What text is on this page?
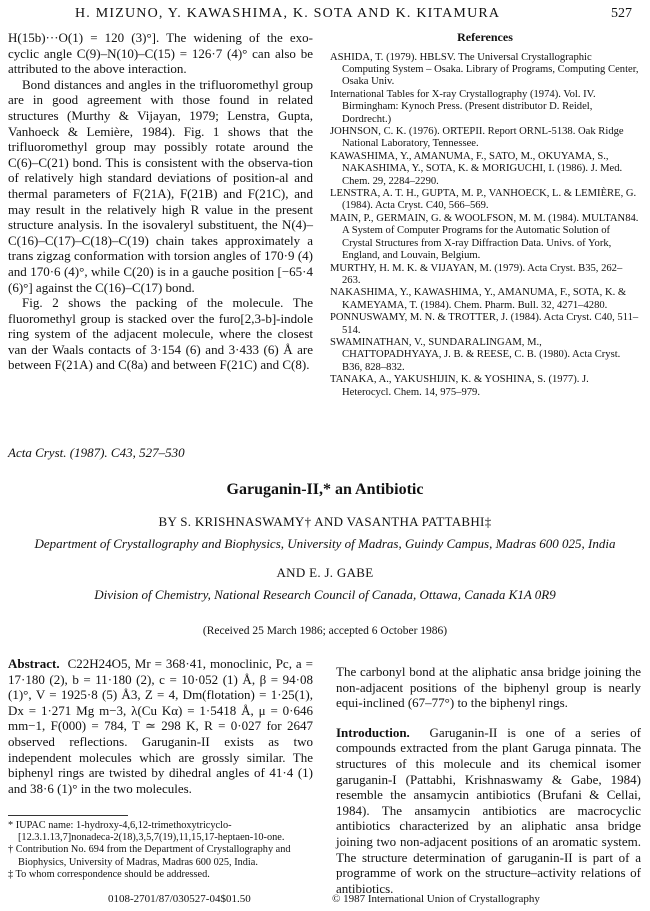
H. MIZUNO, Y. KAWASHIMA, K. SOTA AND K. KITAMURA	527

H(15b)···O(1) = 120 (3)°]. The widening of the exo-cyclic angle C(9)–N(10)–C(15) = 126·7 (4)° can also be attributed to the above interaction.

Bond distances and angles in the trifluoromethyl group are in good agreement with those found in related structures (Murthy & Vijayan, 1979; Lenstra, Gupta, Vanhoeck & Lemière, 1984). Fig. 1 shows that the trifluoromethyl group may possibly rotate around the C(6)–C(21) bond. This is consistent with the observa-tion of relatively high standard deviations of position-al and thermal parameters of F(21A), F(21B) and F(21C), and may result in the relatively high R value in the present structure analysis. In the isovaleryl substituent, the N(4)–C(16)–C(17)–C(18)–C(19) chain takes approximately a trans zigzag conformation with torsion angles of 170·9 (4) and 170·6 (4)°, while C(20) is in a gauche position [−65·4 (6)°] against the C(16)–C(17) bond.

Fig. 2 shows the packing of the molecule. The fluoromethyl group is stacked over the furo[2,3-b]-indole ring system of the adjacent molecule, where the closest van der Waals contacts of 3·154 (6) and 3·433 (6) Å are between F(21A) and C(8a) and between F(21C) and C(8).

References

ASHIDA, T. (1979). HBLSV. The Universal Crystallographic Computing System – Osaka. Library of Programs, Computing Center, Osaka Univ.

International Tables for X-ray Crystallography (1974). Vol. IV. Birmingham: Kynoch Press. (Present distributor D. Reidel, Dordrecht.)

JOHNSON, C. K. (1976). ORTEPII. Report ORNL-5138. Oak Ridge National Laboratory, Tennessee.

KAWASHIMA, Y., AMANUMA, F., SATO, M., OKUYAMA, S., NAKASHIMA, Y., SOTA, K. & MORIGUCHI, I. (1986). J. Med. Chem. 29, 2284–2290.

LENSTRA, A. T. H., GUPTA, M. P., VANHOECK, L. & LEMIÈRE, G. (1984). Acta Cryst. C40, 566–569.

MAIN, P., GERMAIN, G. & WOOLFSON, M. M. (1984). MULTAN84. A System of Computer Programs for the Automatic Solution of Crystal Structures from X-ray Diffraction Data. Univs. of York, England, and Louvain, Belgium.

MURTHY, H. M. K. & VIJAYAN, M. (1979). Acta Cryst. B35, 262–263.

NAKASHIMA, Y., KAWASHIMA, Y., AMANUMA, F., SOTA, K. & KAMEYAMA, T. (1984). Chem. Pharm. Bull. 32, 4271–4280.

PONNUSWAMY, M. N. & TROTTER, J. (1984). Acta Cryst. C40, 511–514.

SWAMINATHAN, V., SUNDARALINGAM, M., CHATTOPADHYAYA, J. B. & REESE, C. B. (1980). Acta Cryst. B36, 828–832.

TANAKA, A., YAKUSHIJIN, K. & YOSHINA, S. (1977). J. Heterocycl. Chem. 14, 975–979.

Acta Cryst. (1987). C43, 527–530
Garuganin-II,* an Antibiotic
BY S. KRISHNASWAMY† AND VASANTHA PATTABHI‡
Department of Crystallography and Biophysics, University of Madras, Guindy Campus, Madras 600 025, India
AND E. J. GABE
Division of Chemistry, National Research Council of Canada, Ottawa, Canada K1A 0R9
(Received 25 March 1986; accepted 6 October 1986)

Abstract. C22H24O5, Mr = 368·41, monoclinic, Pc, a = 17·180 (2), b = 11·180 (2), c = 10·052 (1) Å, β = 94·08 (1)°, V = 1925·8 (5) Å3, Z = 4, Dm(flotation) = 1·25(1), Dx = 1·271 Mg m−3, λ(Cu Kα) = 1·5418 Å, μ = 0·646 mm−1, F(000) = 784, T ≃ 298 K, R = 0·027 for 2647 observed reflections. Garuganin-II exists as two independent molecules which are grossly similar. The biphenyl rings are twisted by dihedral angles of 41·4 (1) and 38·6 (1)° in the two molecules.

* IUPAC name: 1-hydroxy-4,6,12-trimethoxytricyclo-[12.3.1.13,7]nonadeca-2(18),3,5,7(19),11,15,17-heptaen-10-one.

† Contribution No. 694 from the Department of Crystallography and Biophysics, University of Madras, Madras 600 025, India.

‡ To whom correspondence should be addressed.

The carbonyl bond at the aliphatic ansa bridge joining the non-adjacent positions of the biphenyl group is nearly equi-inclined (67–77°) to the biphenyl rings.

Introduction. Garuganin-II is one of a series of compounds extracted from the plant Garuga pinnata. The structures of this molecule and its chemical isomer garuganin-I (Pattabhi, Krishnaswamy & Gabe, 1984) resemble the ansamycin antibiotics (Brufani & Cellai, 1984). The ansamycin antibiotics are macrocyclic antibiotics characterized by an aliphatic ansa bridge joining two non-adjacent positions of an aromatic system. The structure determination of garuganin-II is part of a programme of work on the structure–activity relations of antibiotics.

0108-2701/87/030527-04$01.50	© 1987 International Union of Crystallography
